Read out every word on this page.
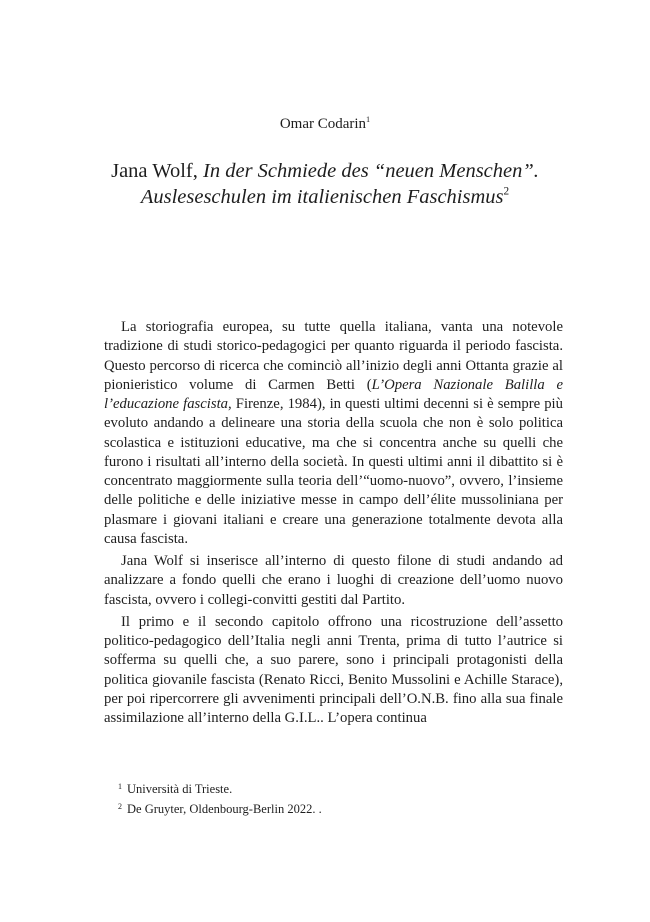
Omar Codarin$^1$
Jana Wolf, In der Schmiede des “neuen Menschen”.
Ausleseschulen im italienischen Faschismus$^2$

La storiografia europea, su tutte quella italiana, vanta una notevole tradizione di studi storico-pedagogici per quanto riguarda il periodo fascista. Questo percorso di ricerca che cominciò all’inizio degli anni Ottanta grazie al pionieristico volume di Carmen Betti (L’Opera Nazionale Balilla e l’educazione fascista, Firenze, 1984), in questi ultimi decenni si è sempre più evoluto andando a delineare una storia della scuola che non è solo politica scolastica e istituzioni educative, ma che si concentra anche su quelli che furono i risultati all’interno della società. In questi ultimi anni il dibattito si è concentrato maggiormente sulla teoria dell’“uomo-nuovo”, ovvero, l’insieme delle politiche e delle iniziative messe in campo dell’élite mussoliniana per plasmare i giovani italiani e creare una generazione totalmente devota alla causa fascista.

Jana Wolf si inserisce all’interno di questo filone di studi andando ad analizzare a fondo quelli che erano i luoghi di creazione dell’uomo nuovo fascista, ovvero i collegi-convitti gestiti dal Partito.

Il primo e il secondo capitolo offrono una ricostruzione dell’assetto politico-pedagogico dell’Italia negli anni Trenta, prima di tutto l’autrice si sofferma su quelli che, a suo parere, sono i principali protagonisti della politica giovanile fascista (Renato Ricci, Benito Mussolini e Achille Starace), per poi ripercorrere gli avvenimenti principali dell’O.N.B. fino alla sua finale assimilazione all’interno della G.I.L.. L’opera continua

$^1$ Università di Trieste.
$^2$ De Gruyter, Oldenbourg-Berlin 2022. .
